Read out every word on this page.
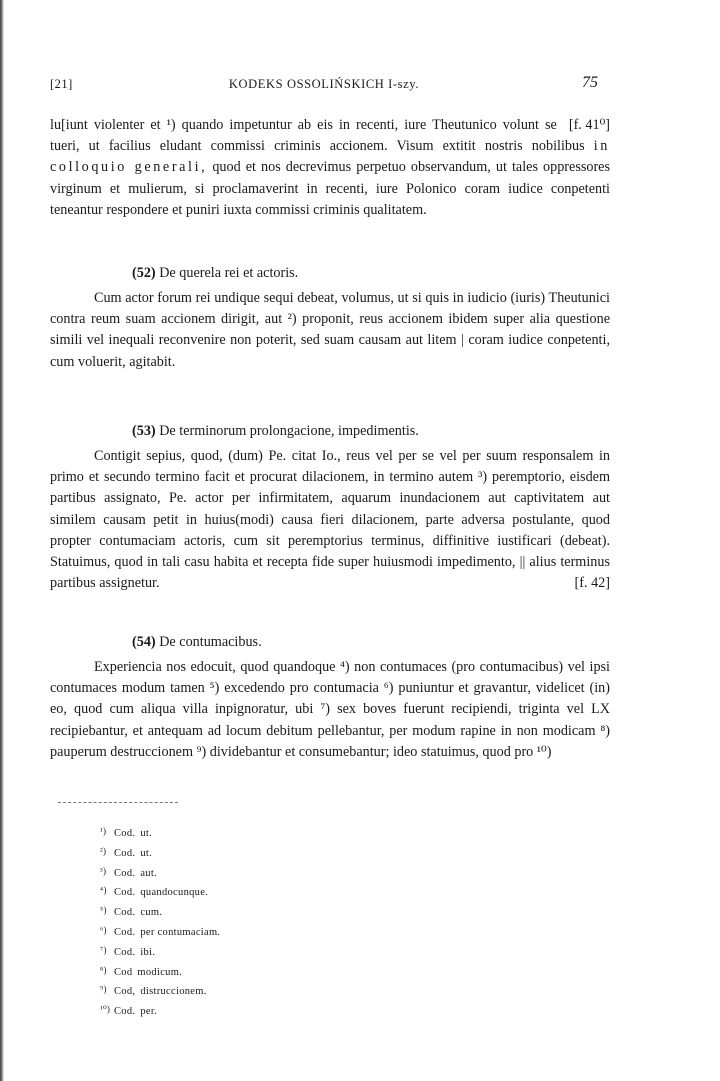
[21]	KODEKS OSSOLIŃSKICH I-szy.	75

[f. 41⁰]
lu[iunt violenter et ¹) quando impetuntur ab eis in recenti, iure Theutunico volunt se tueri, ut facilius eludant commissi criminis accionem. Visum extitit nostris nobilibus in colloquio generali, quod et nos decrevimus perpetuo observandum, ut tales oppressores virginum et mulierum, si proclamaverint in recenti, iure Polonico coram iudice conpetenti teneantur respondere et puniri iuxta commissi criminis qualitatem.

(52) De querela rei et actoris.

Cum actor forum rei undique sequi debeat, volumus, ut si quis in iudicio (iuris) Theutunici contra reum suam accionem dirigit, aut ²) proponit, reus accionem ibidem super alia questione simili vel inequali reconvenire non poterit, sed suam causam aut litem | coram iudice conpetenti, cum voluerit, agitabit.

(53) De terminorum prolongacione, impedimentis.

Contigit sepius, quod, (dum) Pe. citat Io., reus vel per se vel per suum responsalem in primo et secundo termino facit et procurat dilacionem, in termino autem ³) peremptorio, eisdem partibus assignato, Pe. actor per infirmitatem, aquarum inundacionem aut captivitatem aut similem causam petit in huius(modi) causa fieri dilacionem, parte adversa postulante, quod propter contumaciam actoris, cum sit peremptorius terminus, diffinitive iustificari (debeat). Statuimus, quod in tali casu habita et recepta fide super huiusmodi impedimento, || alius terminus partibus assignetur.	[f. 42]

(54) De contumacibus.

Experiencia nos edocuit, quod quandoque ⁴) non contumaces (pro contumacibus) vel ipsi contumaces modum tamen ⁵) excedendo pro contumacia ⁶) puniuntur et gravantur, videlicet (in) eo, quod cum aliqua villa inpignoratur, ubi ⁷) sex boves fuerunt recipiendi, triginta vel LX recipiebantur, et antequam ad locum debitum pellebantur, per modum rapine in non modicam ⁸) pauperum destruccionem ⁹) dividebantur et consumebantur; ideo statuimus, quod pro ¹⁰)

¹) Cod. ut.
²) Cod. ut.
³) Cod. aut.
⁴) Cod. quandocunque.
⁵) Cod. cum.
⁶) Cod. per contumaciam.
⁷) Cod. ibi.
⁸) Cod modicum.
⁹) Cod, distruccionem.
¹⁰) Cod. per.
